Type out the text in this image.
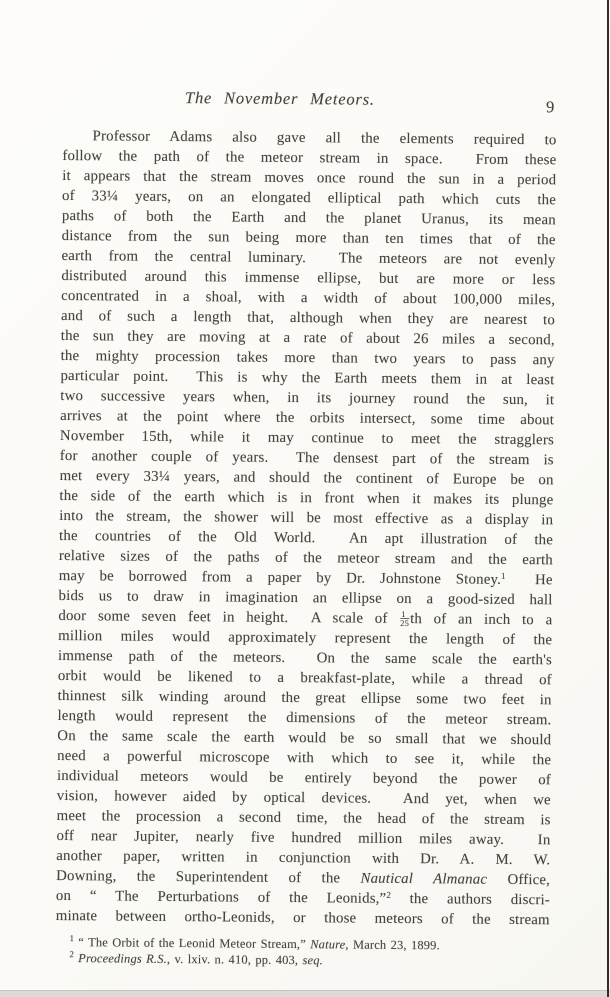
The November Meteors.	9
Professor Adams also gave all the elements required to
follow the path of the meteor stream in space.  From these
it appears that the stream moves once round the sun in a period
of 33¼ years, on an elongated elliptical path which cuts the
paths of both the Earth and the planet Uranus, its mean
distance from the sun being more than ten times that of the
earth from the central luminary.  The meteors are not evenly
distributed around this immense ellipse, but are more or less
concentrated in a shoal, with a width of about 100,000 miles,
and of such a length that, although when they are nearest to
the sun they are moving at a rate of about 26 miles a second,
the mighty procession takes more than two years to pass any
particular point.  This is why the Earth meets them in at least
two successive years when, in its journey round the sun, it
arrives at the point where the orbits intersect, some time about
November 15th, while it may continue to meet the stragglers
for another couple of years.  The densest part of the stream is
met every 33¼ years, and should the continent of Europe be on
the side of the earth which is in front when it makes its plunge
into the stream, the shower will be most effective as a display in
the countries of the Old World.  An apt illustration of the
relative sizes of the paths of the meteor stream and the earth
may be borrowed from a paper by Dr. Johnstone Stoney.$^1$  He
bids us to draw in imagination an ellipse on a good-sized hall
door some seven feet in height.  A scale of $\frac{1}{25}$ th of an inch to a
million miles would approximately represent the length of the
immense path of the meteors.  On the same scale the earth's
orbit would be likened to a breakfast-plate, while a thread of
thinnest silk winding around the great ellipse some two feet in
length would represent the dimensions of the meteor stream.
On the same scale the earth would be so small that we should
need a powerful microscope with which to see it, while the
individual meteors would be entirely beyond the power of
vision, however aided by optical devices.  And yet, when we
meet the procession a second time, the head of the stream is
off near Jupiter, nearly five hundred million miles away.  In
another paper, written in conjunction with Dr. A. M. W.
Downing, the Superintendent of the Nautical Almanac Office,
on “ The Perturbations of the Leonids,”$^2$ the authors discri-
minate between ortho-Leonids, or those meteors of the stream
$^1$ “ The Orbit of the Leonid Meteor Stream,” Nature, March 23, 1899.
$^2$ Proceedings R.S., v. lxiv. n. 410, pp. 403, seq.
